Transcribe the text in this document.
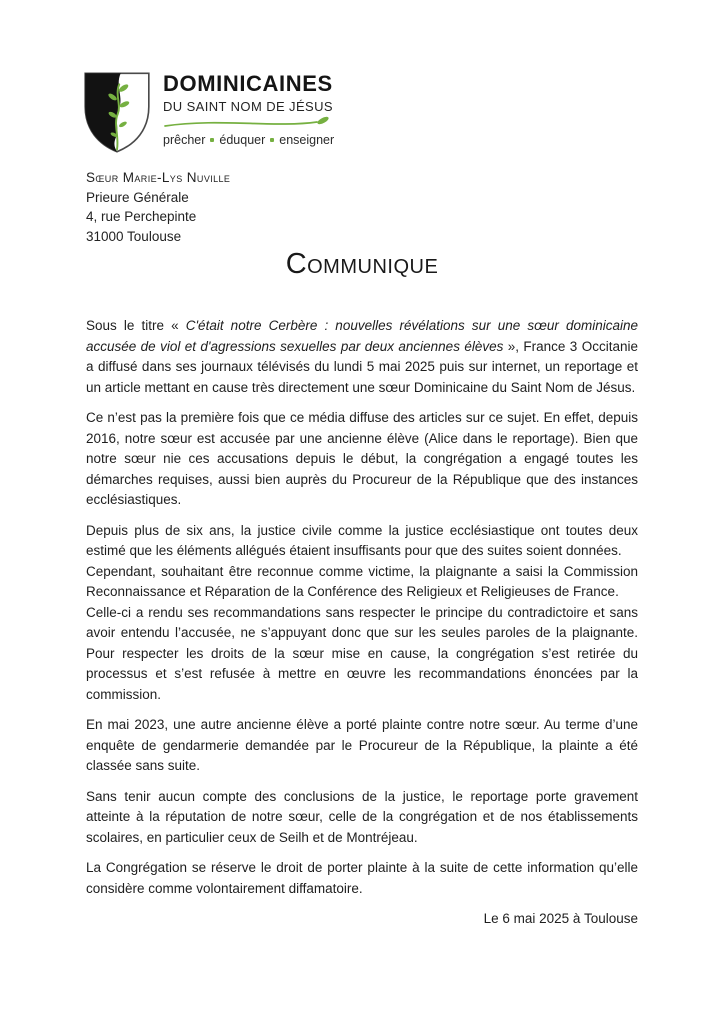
DOMINICAINES
DU SAINT NOM DE JÉSUS
prêcher éduquer enseigner
Sœur Marie-Lys Nuville
Prieure Générale
4, rue Perchepinte
31000 Toulouse
Communique

Sous le titre « C'était notre Cerbère : nouvelles révélations sur une sœur dominicaine accusée de viol et d'agressions sexuelles par deux anciennes élèves », France 3 Occitanie a diffusé dans ses journaux télévisés du lundi 5 mai 2025 puis sur internet, un reportage et un article mettant en cause très directement une sœur Dominicaine du Saint Nom de Jésus.

Ce n’est pas la première fois que ce média diffuse des articles sur ce sujet. En effet, depuis 2016, notre sœur est accusée par une ancienne élève (Alice dans le reportage). Bien que notre sœur nie ces accusations depuis le début, la congrégation a engagé toutes les démarches requises, aussi bien auprès du Procureur de la République que des instances ecclésiastiques.

Depuis plus de six ans, la justice civile comme la justice ecclésiastique ont toutes deux estimé que les éléments allégués étaient insuffisants pour que des suites soient données.
Cependant, souhaitant être reconnue comme victime, la plaignante a saisi la Commission Reconnaissance et Réparation de la Conférence des Religieux et Religieuses de France.
Celle-ci a rendu ses recommandations sans respecter le principe du contradictoire et sans avoir entendu l’accusée, ne s’appuyant donc que sur les seules paroles de la plaignante. Pour respecter les droits de la sœur mise en cause, la congrégation s’est retirée du processus et s’est refusée à mettre en œuvre les recommandations énoncées par la commission.

En mai 2023, une autre ancienne élève a porté plainte contre notre sœur. Au terme d’une enquête de gendarmerie demandée par le Procureur de la République, la plainte a été classée sans suite.

Sans tenir aucun compte des conclusions de la justice, le reportage porte gravement atteinte à la réputation de notre sœur, celle de la congrégation et de nos établissements scolaires, en particulier ceux de Seilh et de Montréjeau.

La Congrégation se réserve le droit de porter plainte à la suite de cette information qu’elle considère comme volontairement diffamatoire.

Le 6 mai 2025 à Toulouse
